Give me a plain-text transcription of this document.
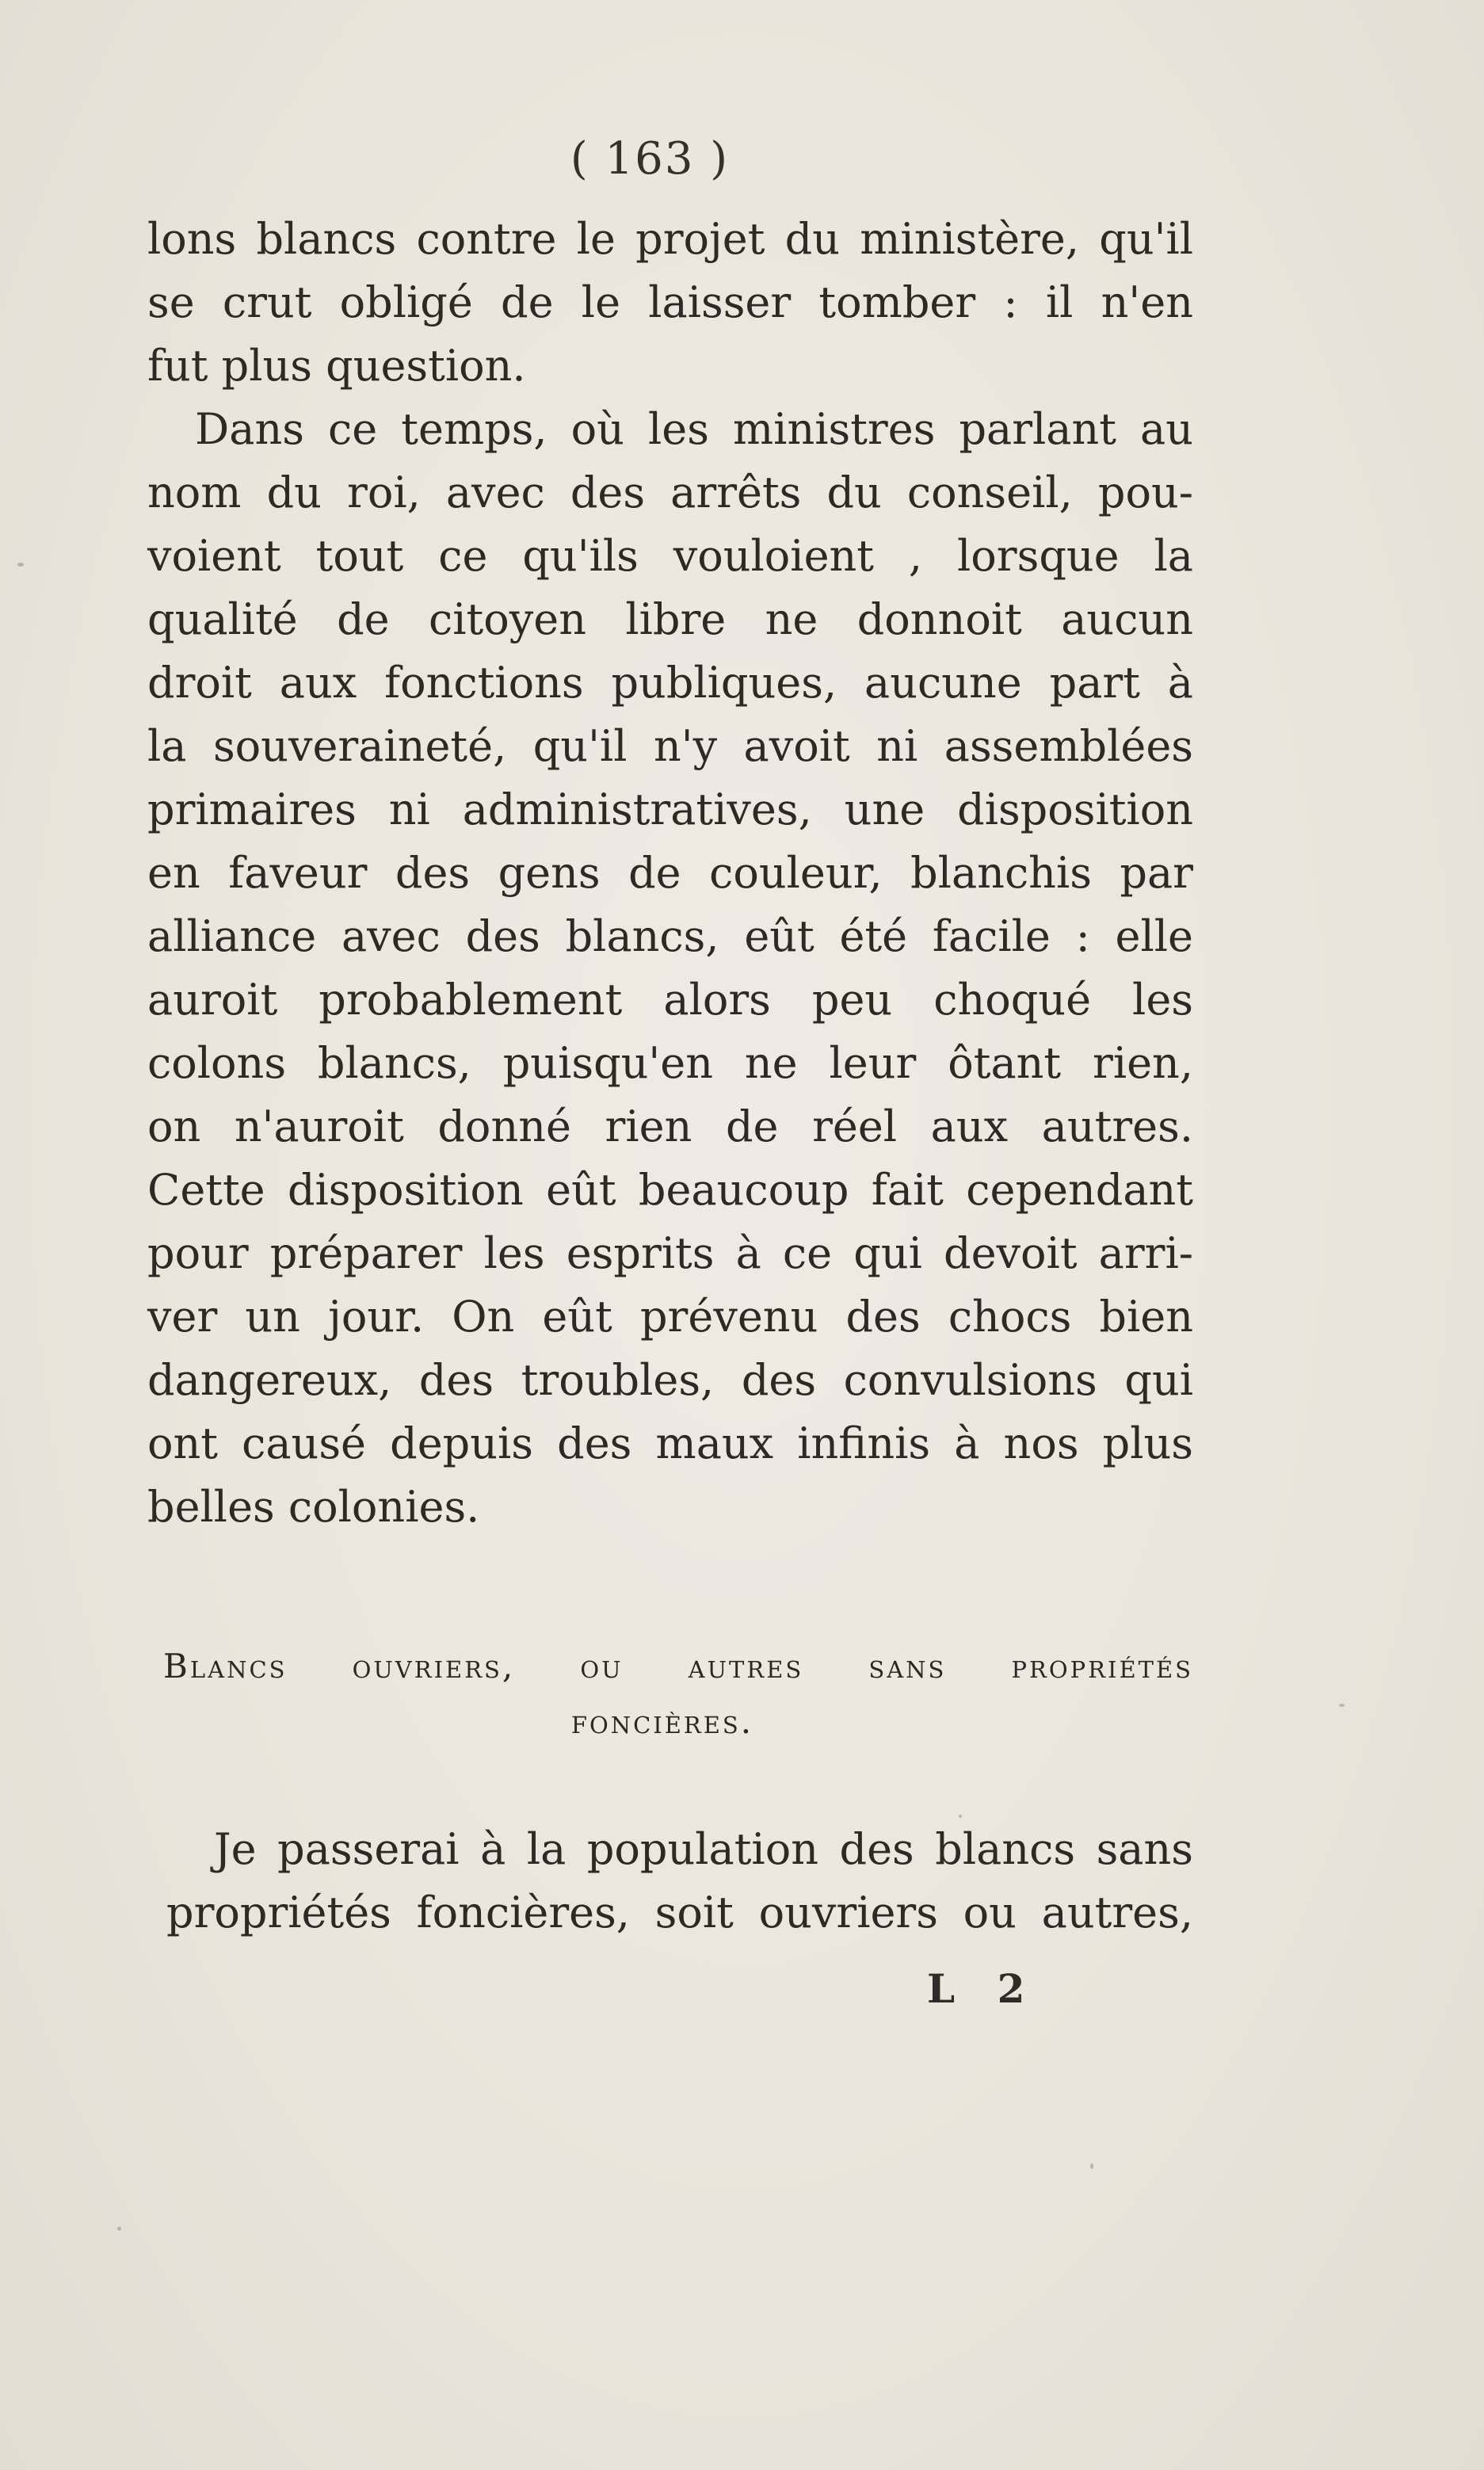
( 163 )
lons blancs contre le projet du ministère, qu'il
se crut obligé de le laisser tomber : il n'en
fut plus question.
Dans ce temps, où les ministres parlant au
nom du roi, avec des arrêts du conseil, pou-
voient tout ce qu'ils vouloient , lorsque la
qualité de citoyen libre ne donnoit aucun
droit aux fonctions publiques, aucune part à
la souveraineté, qu'il n'y avoit ni assemblées
primaires ni administratives, une disposition
en faveur des gens de couleur, blanchis par
alliance avec des blancs, eût été facile : elle
auroit probablement alors peu choqué les
colons blancs, puisqu'en ne leur ôtant rien,
on n'auroit donné rien de réel aux autres.
Cette disposition eût beaucoup fait cependant
pour préparer les esprits à ce qui devoit arri-
ver un jour. On eût prévenu des chocs bien
dangereux, des troubles, des convulsions qui
ont causé depuis des maux infinis à nos plus
belles colonies.
Blancs ouvriers, ou autres sans propriétés
foncières.
Je passerai à la population des blancs sans
propriétés foncières, soit ouvriers ou autres,
L 2
